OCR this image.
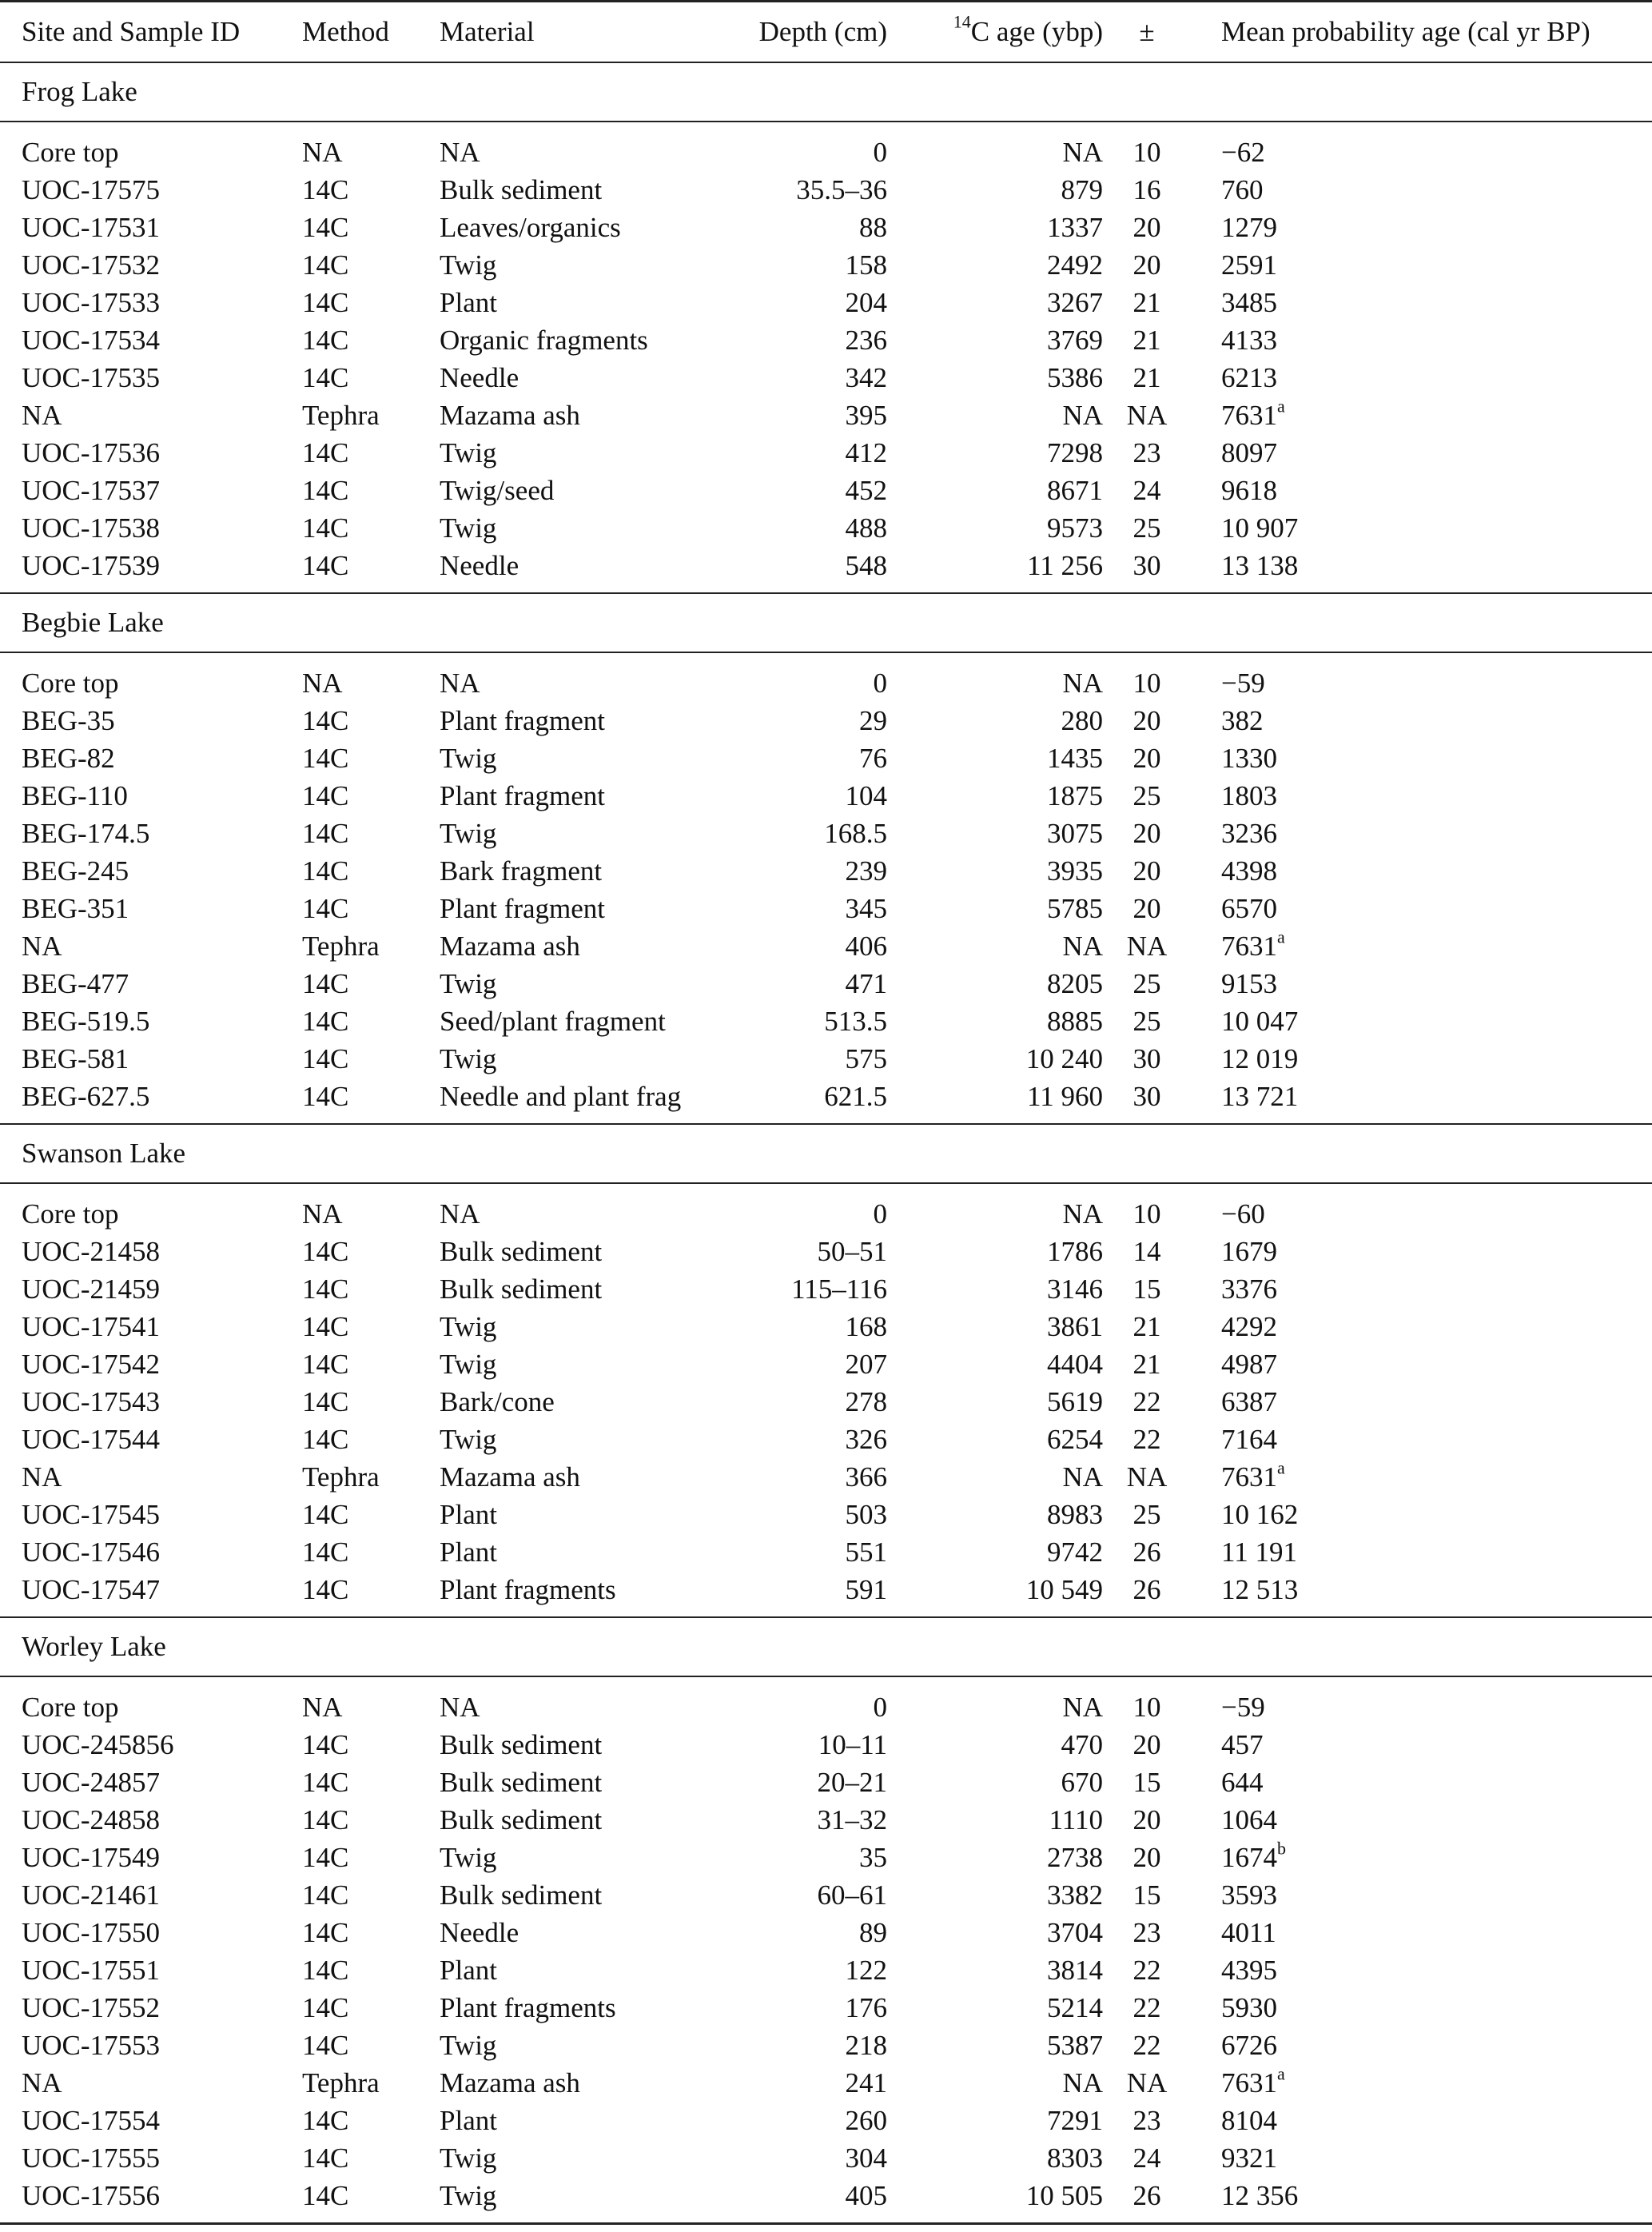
Site and Sample ID	Method	Material	Depth (cm)	$^{14}$C age (ybp)	±	Mean probability age (cal yr BP)
Frog Lake						
Core top	NA	NA	0	NA	10	−62
UOC-17575	14C	Bulk sediment	35.5–36	879	16	760
UOC-17531	14C	Leaves/organics	88	1337	20	1279
UOC-17532	14C	Twig	158	2492	20	2591
UOC-17533	14C	Plant	204	3267	21	3485
UOC-17534	14C	Organic fragments	236	3769	21	4133
UOC-17535	14C	Needle	342	5386	21	6213
NA	Tephra	Mazama ash	395	NA	NA	7631$^a$
UOC-17536	14C	Twig	412	7298	23	8097
UOC-17537	14C	Twig/seed	452	8671	24	9618
UOC-17538	14C	Twig	488	9573	25	10 907
UOC-17539	14C	Needle	548	11 256	30	13 138
Begbie Lake						
Core top	NA	NA	0	NA	10	−59
BEG-35	14C	Plant fragment	29	280	20	382
BEG-82	14C	Twig	76	1435	20	1330
BEG-110	14C	Plant fragment	104	1875	25	1803
BEG-174.5	14C	Twig	168.5	3075	20	3236
BEG-245	14C	Bark fragment	239	3935	20	4398
BEG-351	14C	Plant fragment	345	5785	20	6570
NA	Tephra	Mazama ash	406	NA	NA	7631$^a$
BEG-477	14C	Twig	471	8205	25	9153
BEG-519.5	14C	Seed/plant fragment	513.5	8885	25	10 047
BEG-581	14C	Twig	575	10 240	30	12 019
BEG-627.5	14C	Needle and plant frag	621.5	11 960	30	13 721
Swanson Lake						
Core top	NA	NA	0	NA	10	−60
UOC-21458	14C	Bulk sediment	50–51	1786	14	1679
UOC-21459	14C	Bulk sediment	115–116	3146	15	3376
UOC-17541	14C	Twig	168	3861	21	4292
UOC-17542	14C	Twig	207	4404	21	4987
UOC-17543	14C	Bark/cone	278	5619	22	6387
UOC-17544	14C	Twig	326	6254	22	7164
NA	Tephra	Mazama ash	366	NA	NA	7631$^a$
UOC-17545	14C	Plant	503	8983	25	10 162
UOC-17546	14C	Plant	551	9742	26	11 191
UOC-17547	14C	Plant fragments	591	10 549	26	12 513
Worley Lake						
Core top	NA	NA	0	NA	10	−59
UOC-245856	14C	Bulk sediment	10–11	470	20	457
UOC-24857	14C	Bulk sediment	20–21	670	15	644
UOC-24858	14C	Bulk sediment	31–32	1110	20	1064
UOC-17549	14C	Twig	35	2738	20	1674$^b$
UOC-21461	14C	Bulk sediment	60–61	3382	15	3593
UOC-17550	14C	Needle	89	3704	23	4011
UOC-17551	14C	Plant	122	3814	22	4395
UOC-17552	14C	Plant fragments	176	5214	22	5930
UOC-17553	14C	Twig	218	5387	22	6726
NA	Tephra	Mazama ash	241	NA	NA	7631$^a$
UOC-17554	14C	Plant	260	7291	23	8104
UOC-17555	14C	Twig	304	8303	24	9321
UOC-17556	14C	Twig	405	10 505	26	12 356
